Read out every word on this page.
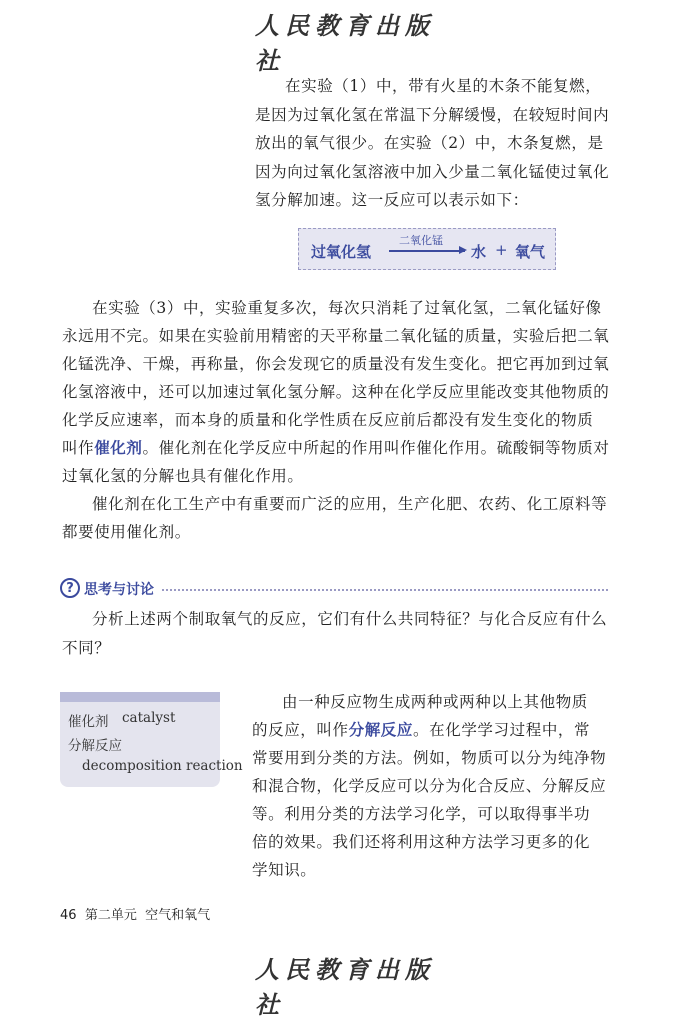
人民教育出版社
在实验（1）中，带有火星的木条不能复燃，
是因为过氧化氢在常温下分解缓慢，在较短时间内
放出的氧气很少。在实验（2）中，木条复燃，是
因为向过氧化氢溶液中加入少量二氧化锰使过氧化
氢分解加速。这一反应可以表示如下：
过氧化氢
二氧化锰
水 + 氧气
在实验（3）中，实验重复多次，每次只消耗了过氧化氢，二氧化锰好像
永远用不完。如果在实验前用精密的天平称量二氧化锰的质量，实验后把二氧
化锰洗净、干燥，再称量，你会发现它的质量没有发生变化。把它再加到过氧
化氢溶液中，还可以加速过氧化氢分解。这种在化学反应里能改变其他物质的
化学反应速率，而本身的质量和化学性质在反应前后都没有发生变化的物质
叫作催化剂。催化剂在化学反应中所起的作用叫作催化作用。硫酸铜等物质对
过氧化氢的分解也具有催化作用。
催化剂在化工生产中有重要而广泛的应用，生产化肥、农药、化工原料等
都要使用催化剂。
? 思考与讨论
分析上述两个制取氧气的反应，它们有什么共同特征？与化合反应有什么
不同？
催化剂 catalyst
分解反应
decomposition reaction
由一种反应物生成两种或两种以上其他物质
的反应，叫作分解反应。在化学学习过程中，常
常要用到分类的方法。例如，物质可以分为纯净物
和混合物，化学反应可以分为化合反应、分解反应
等。利用分类的方法学习化学，可以取得事半功
倍的效果。我们还将利用这种方法学习更多的化
学知识。
46 第二单元 空气和氧气
人民教育出版社
